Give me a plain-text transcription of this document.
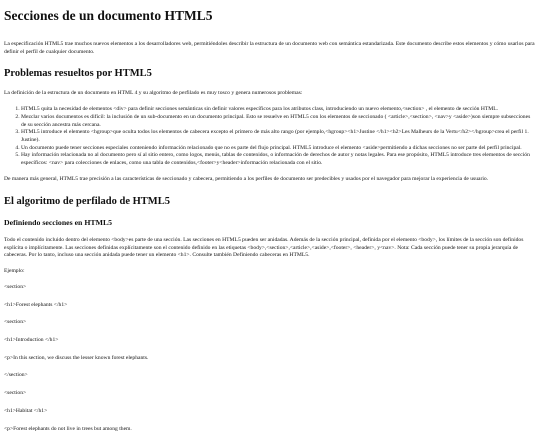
Secciones de un documento HTML5

La especificación HTML5 trae muchos nuevos elementos a los desarrolladores web, permitiéndoles describir la estructura de un documento web con semántica estandarizada. Este documento describe estos elementos y cómo usarlos para definir el perfil de cualquier documento.

Problemas resueltos por HTML5

La definición de la estructura de un documento en HTML 4 y su algoritmo de perfilado es muy tosco y genera numerosos problemas:

1. HTML5 quita la necesidad de elementos <div> para definir secciones semánticas sin definir valores específicos para los atributos class, introduciendo un nuevo elemento,<section> , el elemento de sección HTML.
2. Mezclar varios documentos es difícil: la inclusión de un sub-documento en un documento principal. Esto se resuelve en HTML5 con los elementos de seccionado ( <article>,<section>, <nav>y <aside>)son siempre subsecciones de su sección ancestra más cercana.
3. HTML5 introduce el elemento <hgroup>que oculta todos los elementos de cabecera excepto el primero de más alto rango (por ejemplo,<hgroup><h1>Justine </h1><h2>Les Malheurs de la Vertu</h2></hgroup>crea el perfil 1. Justine).
4. Un documento puede tener secciones especiales conteniendo información relacionado que no es parte del flujo principal. HTML5 introduce el elemento <aside>permitiendo a dichas secciones no ser parte del perfil principal.
5. Hay información relacionada no al documento pero sí al sitio entero, como logos, menús, tablas de contenidos, o información de derechos de autor y notas legales. Para ese propósito, HTML5 introduce tres elementos de sección específicos: <nav> para colecciones de enlaces, como una tabla de contenidos,<footer>y<header>información relacionada con el sitio.

De manera más general, HTML5 trae precisión a las características de seccionado y cabecera, permitiendo a los perfiles de documento ser predecibles y usados por el navegador para mejorar la experiencia de usuario.

El algoritmo de perfilado de HTML5
Definiendo secciones en HTML5

Todo el contenido incluido dentro del elemento <body>es parte de una sección. Las secciones en HTML5 pueden ser anidadas. Además de la sección principal, definida por el elemento <body>, los límites de la sección son definidos explícita o implícitamente. Las secciones definidas explícitamente son el contenido definido en las etiquetas <body>,<section>,<article>,<aside>,<footer>, <header>, y<nav>. Nota: Cada sección puede tener su propia jerarquía de cabeceras. Por lo tanto, incluso una sección anidada puede tener un elemento <h1>. Consulte también Definiendo cabeceras en HTML5.

Ejemplo:

<section>

<h1>Forest elephants </h1>

<section>

<h1>Introduction </h1>

<p>In this section, we discuss the lesser known forest elephants.

</section>

<section>

<h1>Habitat </h1>

<p>Forest elephants do not live in trees but among them.
